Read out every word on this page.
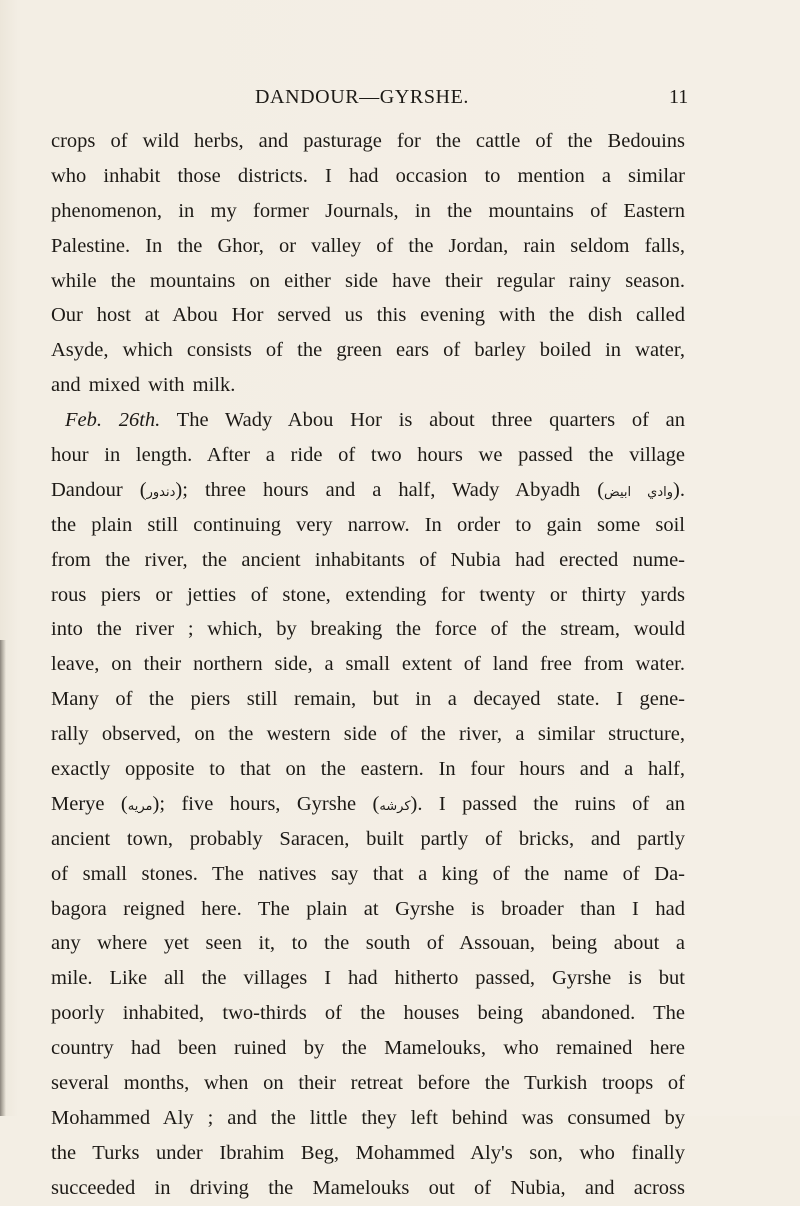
DANDOUR—GYRSHE.	11
crops of wild herbs, and pasturage for the cattle of the Bedouins
who inhabit those districts. I had occasion to mention a similar
phenomenon, in my former Journals, in the mountains of Eastern
Palestine. In the Ghor, or valley of the Jordan, rain seldom falls,
while the mountains on either side have their regular rainy season.
Our host at Abou Hor served us this evening with the dish called
Asyde, which consists of the green ears of barley boiled in water,
and mixed with milk.
Feb. 26th. The Wady Abou Hor is about three quarters of an
hour in length. After a ride of two hours we passed the village
Dandour (دندور); three hours and a half, Wady Abyadh (وادي ابيض).
the plain still continuing very narrow. In order to gain some soil
from the river, the ancient inhabitants of Nubia had erected nume-
rous piers or jetties of stone, extending for twenty or thirty yards
into the river ; which, by breaking the force of the stream, would
leave, on their northern side, a small extent of land free from water.
Many of the piers still remain, but in a decayed state. I gene-
rally observed, on the western side of the river, a similar structure,
exactly opposite to that on the eastern. In four hours and a half,
Merye (مريه); five hours, Gyrshe (كرشه). I passed the ruins of an
ancient town, probably Saracen, built partly of bricks, and partly
of small stones. The natives say that a king of the name of Da-
bagora reigned here. The plain at Gyrshe is broader than I had
any where yet seen it, to the south of Assouan, being about a
mile. Like all the villages I had hitherto passed, Gyrshe is but
poorly inhabited, two-thirds of the houses being abandoned. The
country had been ruined by the Mamelouks, who remained here
several months, when on their retreat before the Turkish troops of
Mohammed Aly ; and the little they left behind was consumed by
the Turks under Ibrahim Beg, Mohammed Aly's son, who finally
succeeded in driving the Mamelouks out of Nubia, and across
